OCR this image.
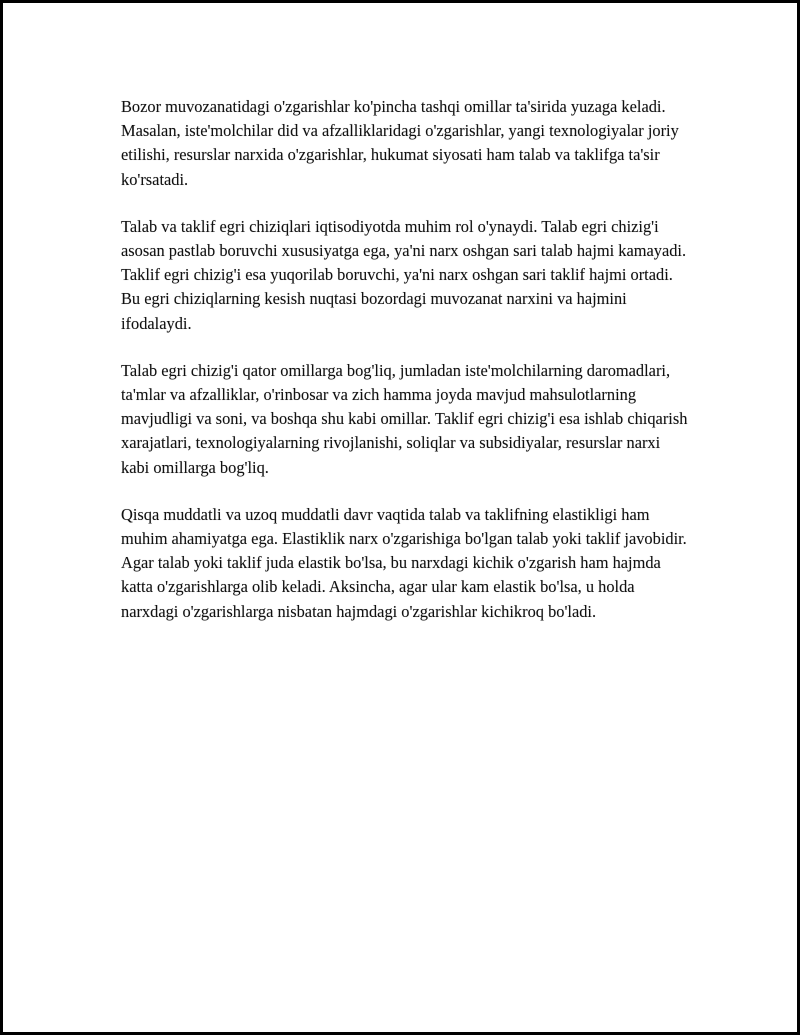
Bozor muvozanatidagi o'zgarishlar ko'pincha tashqi omillar ta'sirida yuzaga keladi. Masalan, iste'molchilar did va afzalliklaridagi o'zgarishlar, yangi texnologiyalar joriy etilishi, resurslar narxida o'zgarishlar, hukumat siyosati ham talab va taklifga ta'sir ko'rsatadi.

Talab va taklif egri chiziqlari iqtisodiyotda muhim rol o'ynaydi. Talab egri chizig'i asosan pastlab boruvchi xususiyatga ega, ya'ni narx oshgan sari talab hajmi kamayadi. Taklif egri chizig'i esa yuqorilab boruvchi, ya'ni narx oshgan sari taklif hajmi ortadi. Bu egri chiziqlarning kesish nuqtasi bozordagi muvozanat narxini va hajmini ifodalaydi.

Talab egri chizig'i qator omillarga bog'liq, jumladan iste'molchilarning daromadlari, ta'mlar va afzalliklar, o'rinbosar va zich hamma joyda mavjud mahsulotlarning mavjudligi va soni, va boshqa shu kabi omillar. Taklif egri chizig'i esa ishlab chiqarish xarajatlari, texnologiyalarning rivojlanishi, soliqlar va subsidiyalar, resurslar narxi kabi omillarga bog'liq.

Qisqa muddatli va uzoq muddatli davr vaqtida talab va taklifning elastikligi ham muhim ahamiyatga ega. Elastiklik narx o'zgarishiga bo'lgan talab yoki taklif javobidir. Agar talab yoki taklif juda elastik bo'lsa, bu narxdagi kichik o'zgarish ham hajmda katta o'zgarishlarga olib keladi. Aksincha, agar ular kam elastik bo'lsa, u holda narxdagi o'zgarishlarga nisbatan hajmdagi o'zgarishlar kichikroq bo'ladi.
